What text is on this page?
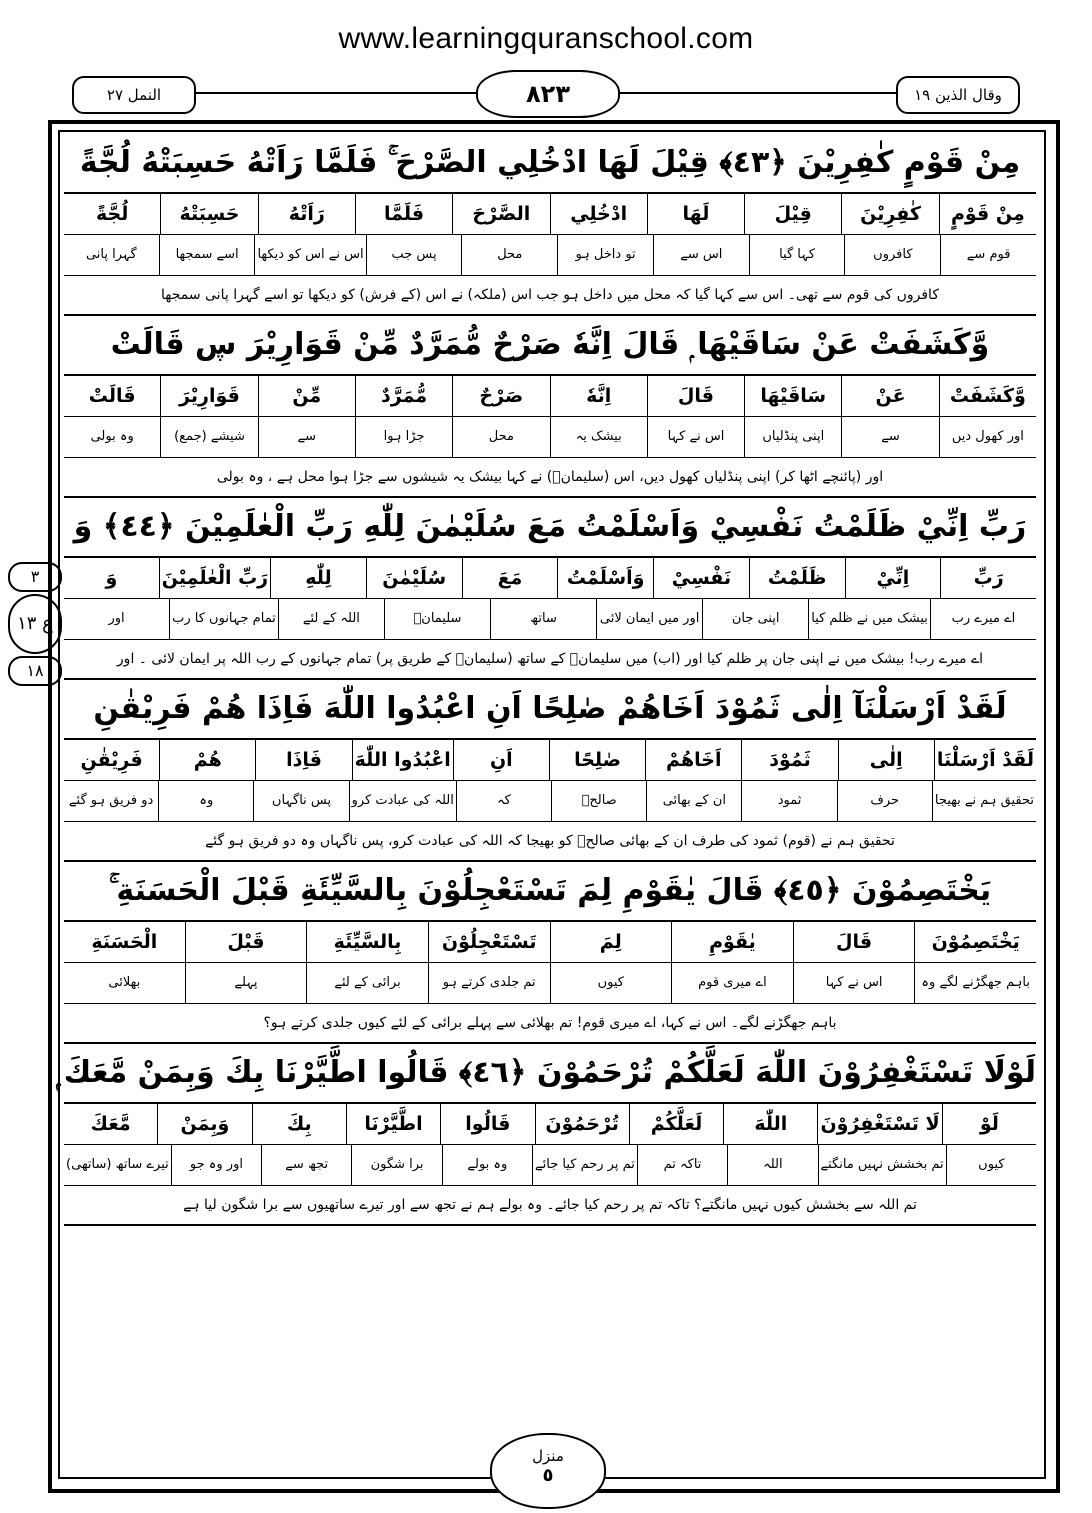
www.learningquranschool.com
النمل ٢٧	٨٢٣	وقال الذين ١٩
٣
ع ١٣
١٨
مِنْ قَوْمٍ كٰفِرِيْنَ ﴿٤٣﴾ قِيْلَ لَهَا ادْخُلِي الصَّرْحَ ۚ فَلَمَّا رَاَتْهُ حَسِبَتْهُ لُجَّةً
مِنْ قَوْمٍ
كٰفِرِيْنَ
قِيْلَ
لَهَا
ادْخُلِي
الصَّرْحَ
فَلَمَّا
رَاَتْهُ
حَسِبَتْهُ
لُجَّةً
قوم سے
کافروں
کہا گیا
اس سے
تو داخل ہو
محل
پس جب
اس نے اس کو دیکھا
اسے سمجھا
گہرا پانی
کافروں کی قوم سے تھی۔ اس سے کہا گیا کہ محل میں داخل ہو جب اس (ملکہ) نے اس (کے فرش) کو دیکھا تو اسے گہرا پانی سمجھا
وَّكَشَفَتْ عَنْ سَاقَيْهَا ۭ قَالَ اِنَّهٗ صَرْحٌ مُّمَرَّدٌ مِّنْ قَوَارِيْرَ ڛ قَالَتْ
وَّكَشَفَتْ
عَنْ
سَاقَيْهَا
قَالَ
اِنَّهٗ
صَرْحٌ
مُّمَرَّدٌ
مِّنْ
قَوَارِيْرَ
قَالَتْ
اور کھول دیں
سے
اپنی پنڈلیاں
اس نے کہا
بیشک یہ
محل
جڑا ہوا
سے
شیشے (جمع)
وہ بولی
اور (پائنچے اٹھا کر) اپنی پنڈلیاں کھول دیں، اس (سلیمانؑ) نے کہا بیشک یہ شیشوں سے جڑا ہوا محل ہے ، وہ بولی
رَبِّ اِنِّيْ ظَلَمْتُ نَفْسِيْ وَاَسْلَمْتُ مَعَ سُلَيْمٰنَ لِلّٰهِ رَبِّ الْعٰلَمِيْنَ ﴿٤٤﴾ وَ
رَبِّ
اِنِّيْ
ظَلَمْتُ
نَفْسِيْ
وَاَسْلَمْتُ
مَعَ
سُلَيْمٰنَ
لِلّٰهِ
رَبِّ الْعٰلَمِيْنَ
وَ
اے میرے رب
بیشک میں نے ظلم کیا
اپنی جان
اور میں ایمان لائی
ساتھ
سلیمانؑ
اللہ کے لئے
تمام جہانوں کا رب
اور
اے میرے رب! بیشک میں نے اپنی جان پر ظلم کیا اور (اب) میں سلیمانؑ کے ساتھ (سلیمانؑ کے طریق پر) تمام جہانوں کے رب اللہ پر ایمان لائی ۔ اور
لَقَدْ اَرْسَلْنَآ اِلٰى ثَمُوْدَ اَخَاهُمْ صٰلِحًا اَنِ اعْبُدُوا اللّٰهَ فَاِذَا هُمْ فَرِيْقٰنِ
لَقَدْ اَرْسَلْنَا
اِلٰى
ثَمُوْدَ
اَخَاهُمْ
صٰلِحًا
اَنِ
اعْبُدُوا اللّٰهَ
فَاِذَا
هُمْ
فَرِيْقٰنِ
تحقیق ہم نے بھیجا
حرف
ثمود
ان کے بھائی
صالحؑ
کہ
اللہ کی عبادت کرو
پس ناگہاں
وہ
دو فریق ہو گئے
تحقیق ہم نے (قوم) ثمود کی طرف ان کے بھائی صالحؑ کو بھیجا کہ اللہ کی عبادت کرو، پس ناگہاں وہ دو فریق ہو گئے
يَخْتَصِمُوْنَ ﴿٤٥﴾ قَالَ يٰقَوْمِ لِمَ تَسْتَعْجِلُوْنَ بِالسَّيِّئَةِ قَبْلَ الْحَسَنَةِ ۚ
يَخْتَصِمُوْنَ
قَالَ
يٰقَوْمِ
لِمَ
تَسْتَعْجِلُوْنَ
بِالسَّيِّئَةِ
قَبْلَ
الْحَسَنَةِ
باہم جھگڑنے لگے وہ
اس نے کہا
اے میری قوم
کیوں
تم جلدی کرتے ہو
برائی کے لئے
پہلے
بھلائی
باہم جھگڑنے لگے۔ اس نے کہا، اے میری قوم! تم بھلائی سے پہلے برائی کے لئے کیوں جلدی کرتے ہو؟
لَوْلَا تَسْتَغْفِرُوْنَ اللّٰهَ لَعَلَّكُمْ تُرْحَمُوْنَ ﴿٤٦﴾ قَالُوا اطَّيَّرْنَا بِكَ وَبِمَنْ مَّعَكَ ۭ
لَوْ
لَا تَسْتَغْفِرُوْنَ
اللّٰهَ
لَعَلَّكُمْ
تُرْحَمُوْنَ
قَالُوا
اطَّيَّرْنَا
بِكَ
وَبِمَنْ
مَّعَكَ
کیوں
تم بخشش نہیں مانگتے
اللہ
تاکہ تم
تم پر رحم کیا جائے
وہ بولے
برا شگون
تجھ سے
اور وہ جو
تیرے ساتھ (ساتھی)
تم اللہ سے بخشش کیوں نہیں مانگتے؟ تاکہ تم پر رحم کیا جائے۔ وہ بولے ہم نے تجھ سے اور تیرے ساتھیوں سے برا شگون لیا ہے
منزل
٥
